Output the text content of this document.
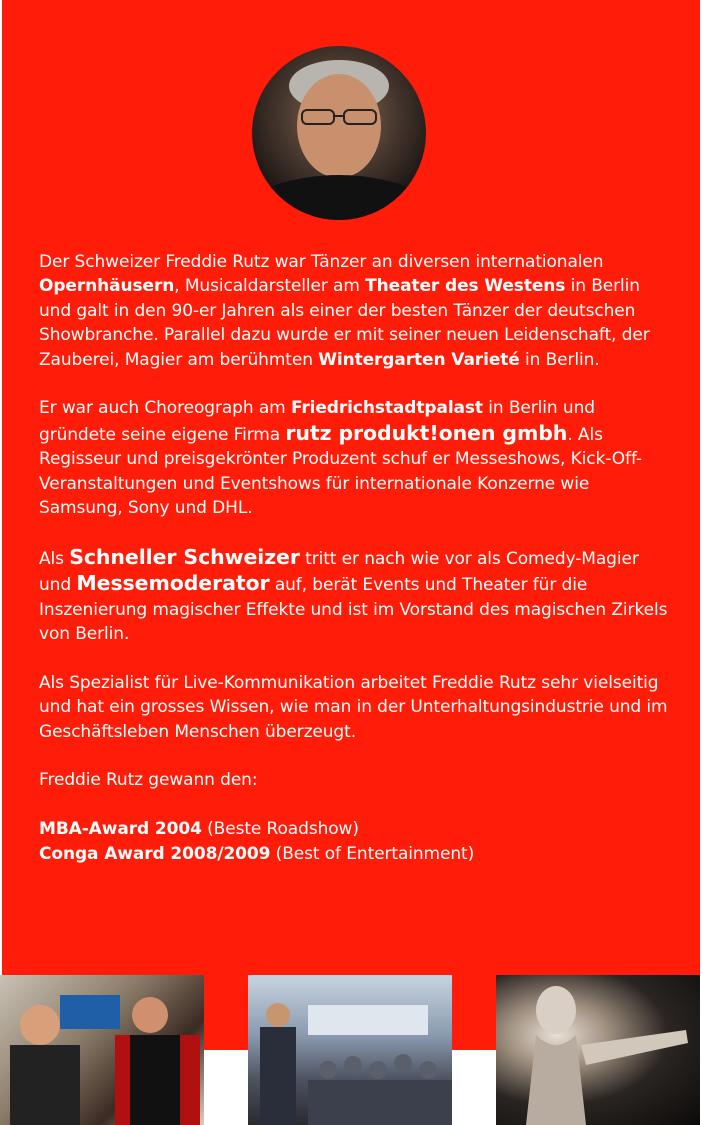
Der Schweizer Freddie Rutz war Tänzer an diversen internationalen Opernhäusern, Musicaldarsteller am Theater des Westens in Berlin und galt in den 90-er Jahren als einer der besten Tänzer der deutschen Showbranche. Parallel dazu wurde er mit seiner neuen Leidenschaft, der Zauberei, Magier am berühmten Wintergarten Varieté in Berlin.

Er war auch Choreograph am Friedrichstadtpalast in Berlin und gründete seine eigene Firma rutz produkt!onen gmbh. Als Regisseur und preisgekrönter Produzent schuf er Messeshows, Kick-Off-Veranstaltungen und Eventshows für internationale Konzerne wie Samsung, Sony und DHL.

Als Schneller Schweizer tritt er nach wie vor als Comedy-Magier und Messemoderator auf, berät Events und Theater für die Inszenierung magischer Effekte und ist im Vorstand des magischen Zirkels von Berlin.

Als Spezialist für Live-Kommunikation arbeitet Freddie Rutz sehr vielseitig und hat ein grosses Wissen, wie man in der Unterhaltungsindustrie und im Geschäftsleben Menschen überzeugt.

Freddie Rutz gewann den:

MBA-Award 2004 (Beste Roadshow)
Conga Award 2008/2009 (Best of Entertainment)
